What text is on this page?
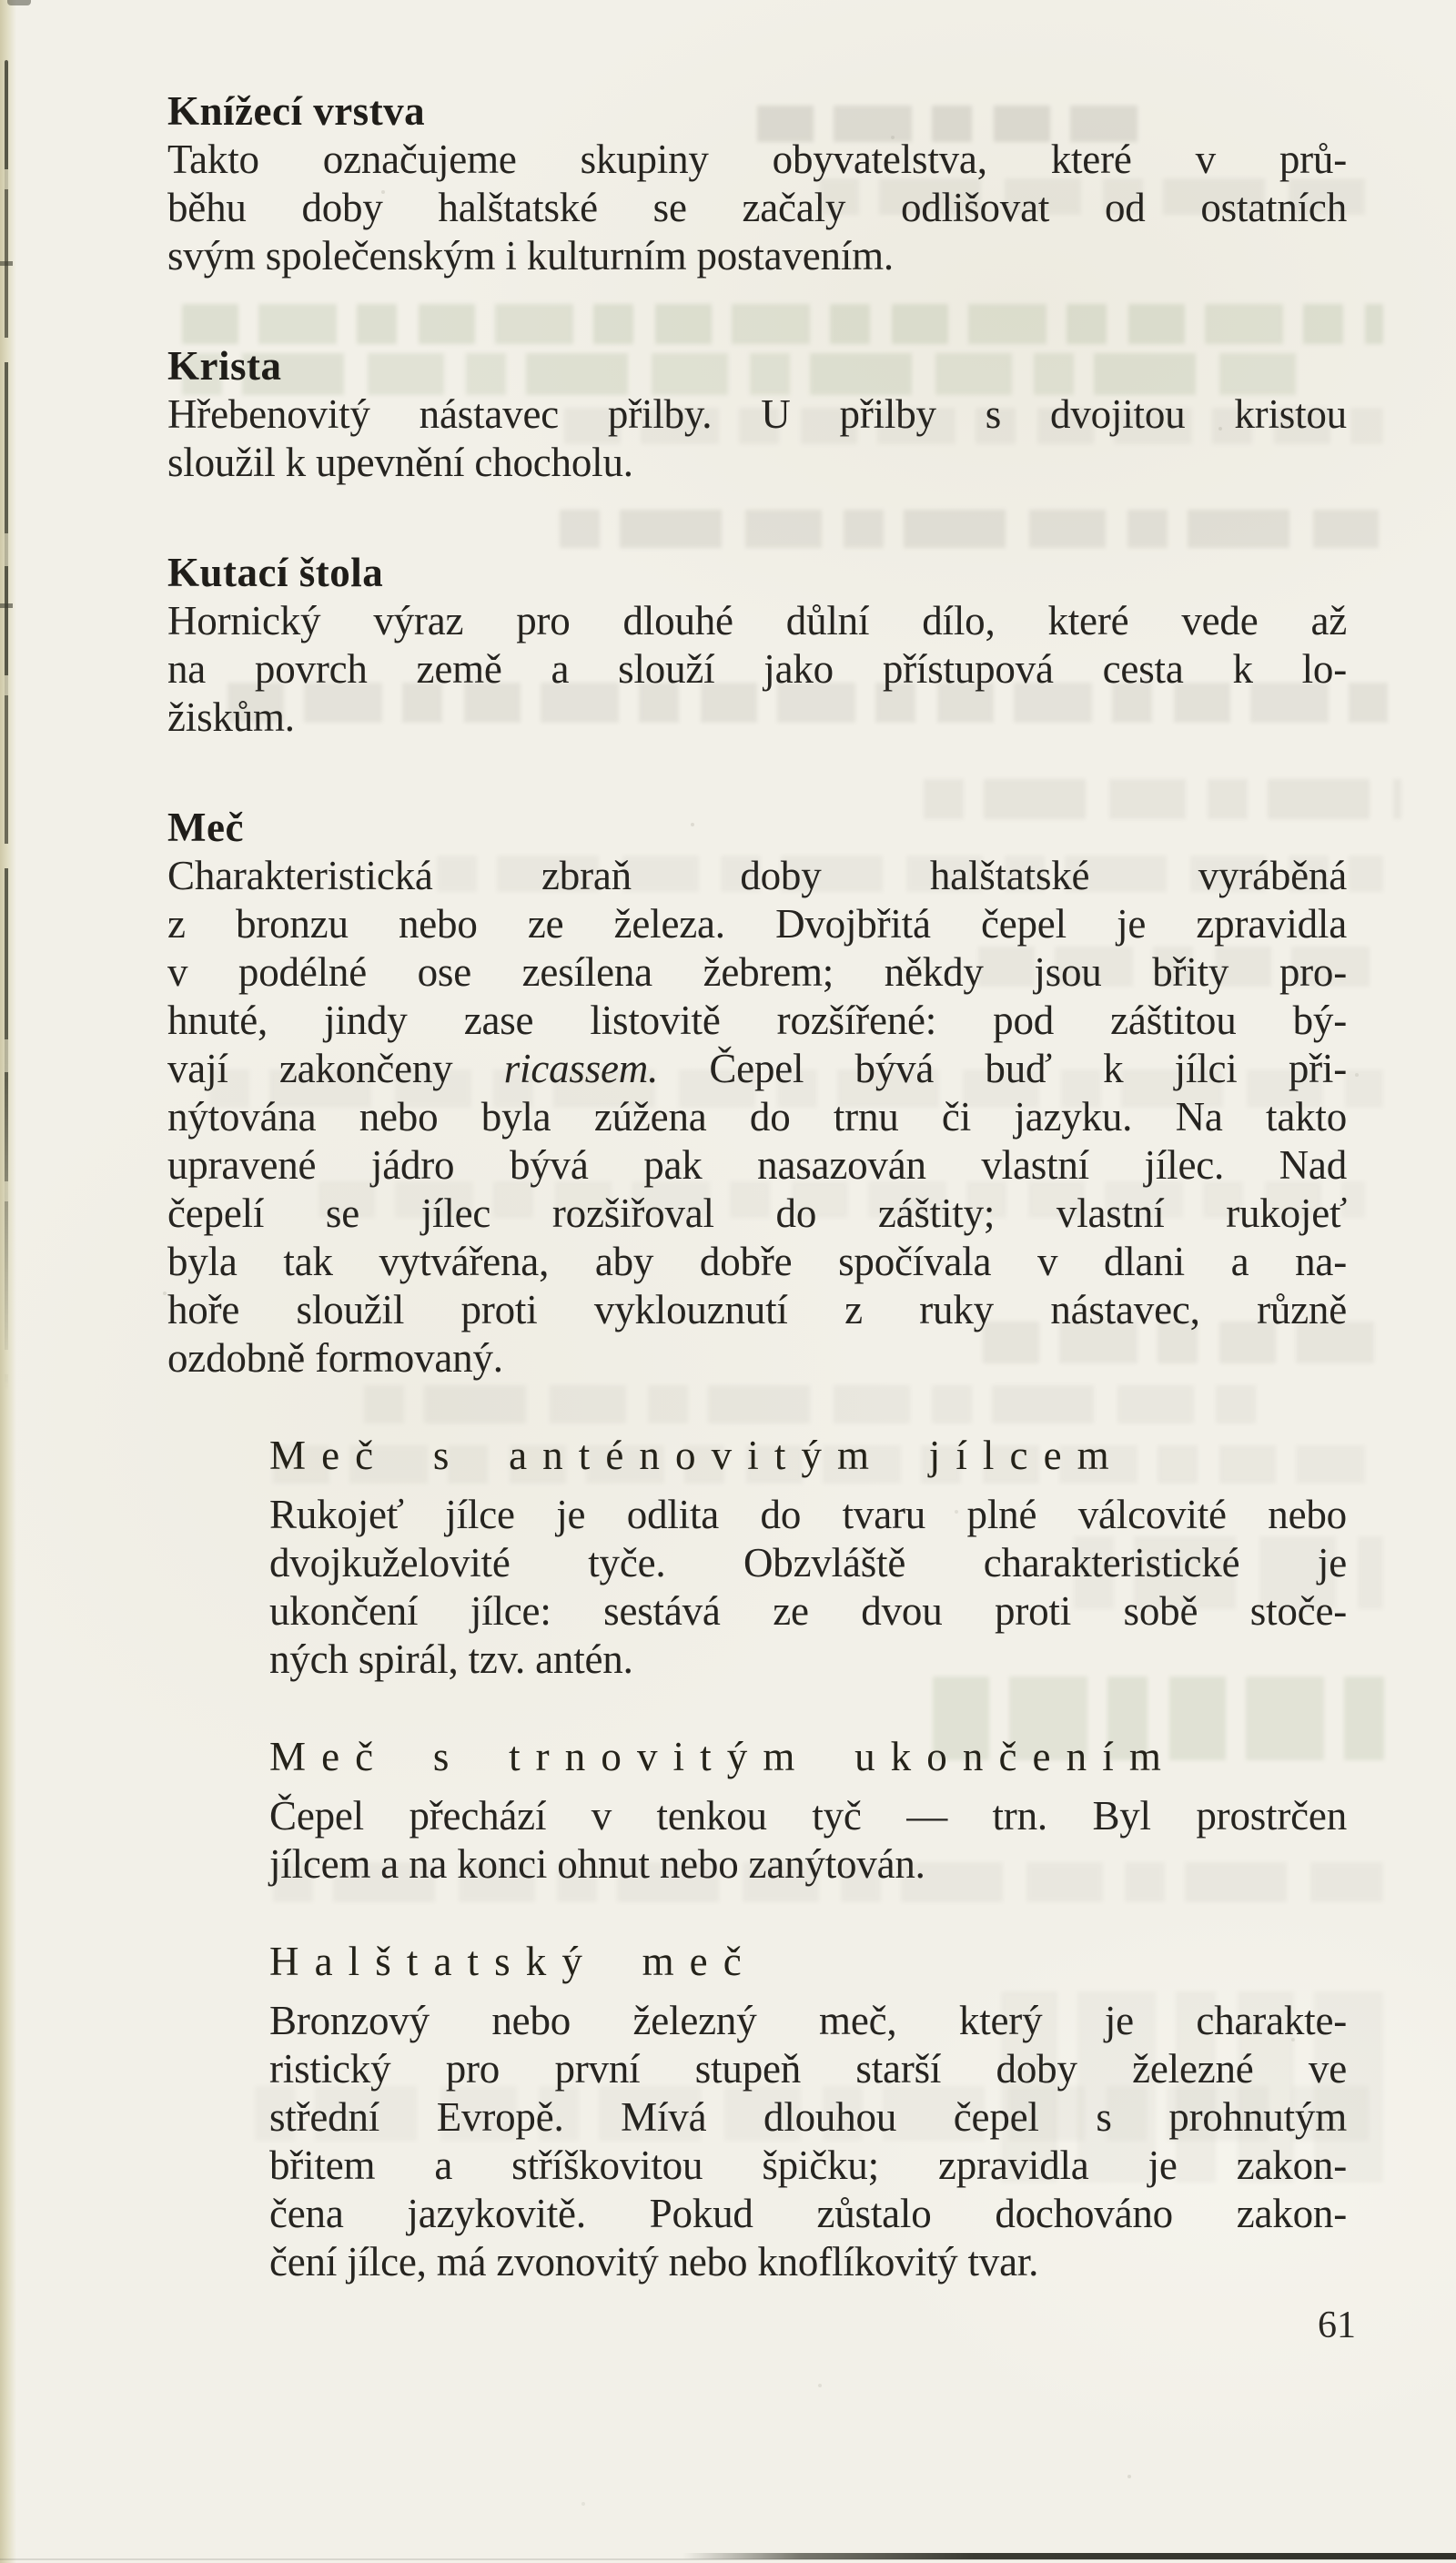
Knížecí vrstva
Takto označujeme skupiny obyvatelstva, které v prů-
běhu doby halštatské se začaly odlišovat od ostatních
svým společenským i kulturním postavením.
Krista
Hřebenovitý nástavec přilby. U přilby s dvojitou kristou
sloužil k upevnění chocholu.
Kutací štola
Hornický výraz pro dlouhé důlní dílo, které vede až
na povrch země a slouží jako přístupová cesta k lo-
žiskům.
Meč
Charakteristická zbraň doby halštatské vyráběná
z bronzu nebo ze železa. Dvojbřitá čepel je zpravidla
v podélné ose zesílena žebrem; někdy jsou břity pro-
hnuté, jindy zase listovitě rozšířené: pod záštitou bý-
vají zakončeny ricassem. Čepel bývá buď k jílci při-
nýtována nebo byla zúžena do trnu či jazyku. Na takto
upravené jádro bývá pak nasazován vlastní jílec. Nad
čepelí se jílec rozšiřoval do záštity; vlastní rukojeť
byla tak vytvářena, aby dobře spočívala v dlani a na-
hoře sloužil proti vyklouznutí z ruky nástavec, různě
ozdobně formovaný.
Meč s anténovitým jílcem
Rukojeť jílce je odlita do tvaru plné válcovité nebo
dvojkuželovité tyče. Obzvláště charakteristické je
ukončení jílce: sestává ze dvou proti sobě stoče-
ných spirál, tzv. antén.
Meč s trnovitým ukončením
Čepel přechází v tenkou tyč — trn. Byl prostrčen
jílcem a na konci ohnut nebo zanýtován.
Halštatský meč
Bronzový nebo železný meč, který je charakte-
ristický pro první stupeň starší doby železné ve
střední Evropě. Mívá dlouhou čepel s prohnutým
břitem a stříškovitou špičku; zpravidla je zakon-
čena jazykovitě. Pokud zůstalo dochováno zakon-
čení jílce, má zvonovitý nebo knoflíkovitý tvar.
61
